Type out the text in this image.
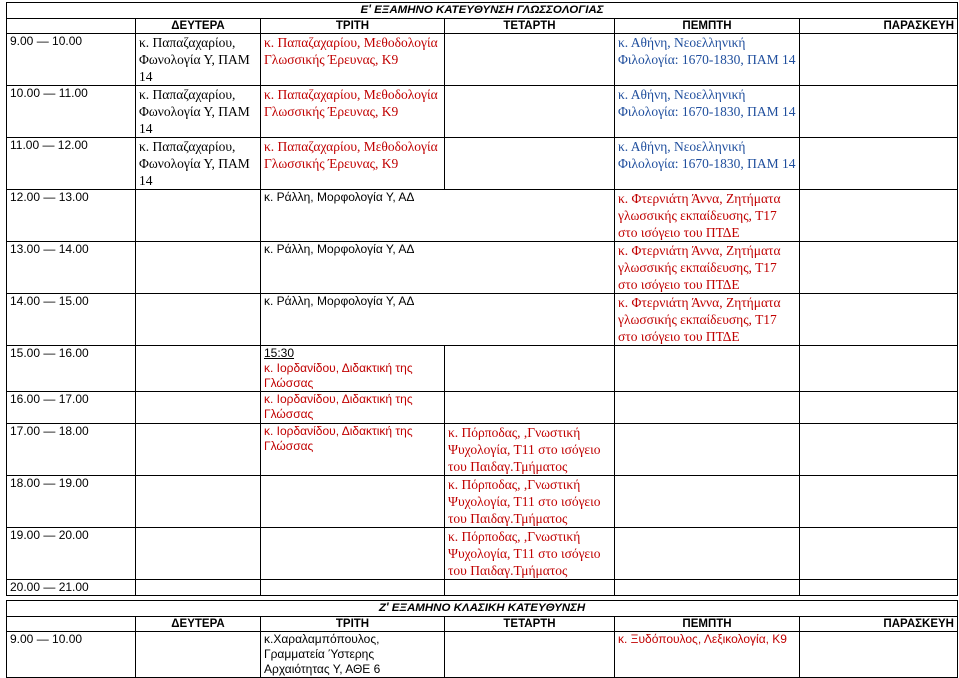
Ε' ΕΞΑΜΗΝΟ ΚΑΤΕΥΘΥΝΣΗ ΓΛΩΣΣΟΛΟΓΙΑΣ					
	ΔΕΥΤΕΡΑ	ΤΡΙΤΗ	ΤΕΤΑΡΤΗ	ΠΕΜΠΤΗ	ΠΑΡΑΣΚΕΥΗ
9.00 — 10.00	κ. Παπαζαχαρίου, Φωνολογία Υ, ΠΑΜ 14	κ. Παπαζαχαρίου, Μεθοδολογία Γλωσσικής Έρευνας, Κ9		κ. Αθήνη, Νεοελληνική Φιλολογία: 1670-1830, ΠΑΜ 14	
10.00 — 11.00	κ. Παπαζαχαρίου, Φωνολογία Υ, ΠΑΜ 14	κ. Παπαζαχαρίου, Μεθοδολογία Γλωσσικής Έρευνας, Κ9		κ. Αθήνη, Νεοελληνική Φιλολογία: 1670-1830, ΠΑΜ 14	
11.00 — 12.00	κ. Παπαζαχαρίου, Φωνολογία Υ, ΠΑΜ 14	κ. Παπαζαχαρίου, Μεθοδολογία Γλωσσικής Έρευνας, Κ9		κ. Αθήνη, Νεοελληνική Φιλολογία: 1670-1830, ΠΑΜ 14	
12.00 — 13.00		κ. Ράλλη, Μορφολογία Υ, ΑΔ		κ. Φτερνιάτη Άννα, Ζητήματα γλωσσικής εκπαίδευσης, Τ17 στο ισόγειο του ΠΤΔΕ	
13.00 — 14.00		κ. Ράλλη, Μορφολογία Υ, ΑΔ		κ. Φτερνιάτη Άννα, Ζητήματα γλωσσικής εκπαίδευσης, Τ17 στο ισόγειο του ΠΤΔΕ	
14.00 — 15.00		κ. Ράλλη, Μορφολογία Υ, ΑΔ		κ. Φτερνιάτη Άννα, Ζητήματα γλωσσικής εκπαίδευσης, Τ17 στο ισόγειο του ΠΤΔΕ	
15.00 — 16.00		15:30
κ. Ιορδανίδου, Διδακτική της Γλώσσας			
16.00 — 17.00		κ. Ιορδανίδου, Διδακτική της Γλώσσας			
17.00 — 18.00		κ. Ιορδανίδου, Διδακτική της Γλώσσας	κ. Πόρποδας, ,Γνωστική Ψυχολογία, Τ11 στο ισόγειο του Παιδαγ.Τμήματος		
18.00 — 19.00			κ. Πόρποδας, ,Γνωστική Ψυχολογία, Τ11 στο ισόγειο του Παιδαγ.Τμήματος		
19.00 — 20.00			κ. Πόρποδας, ,Γνωστική Ψυχολογία, Τ11 στο ισόγειο του Παιδαγ.Τμήματος		
20.00 — 21.00					
Ζ' ΕΞΑΜΗΝΟ ΚΛΑΣΙΚΗ ΚΑΤΕΥΘΥΝΣΗ					
	ΔΕΥΤΕΡΑ	ΤΡΙΤΗ	ΤΕΤΑΡΤΗ	ΠΕΜΠΤΗ	ΠΑΡΑΣΚΕΥΗ
9.00 — 10.00		κ.Χαραλαμπόπουλος, Γραμματεία Ύστερης Αρχαιότητας Υ, ΑΘΕ 6		κ. Ξυδόπουλος, Λεξικολογία, Κ9	
